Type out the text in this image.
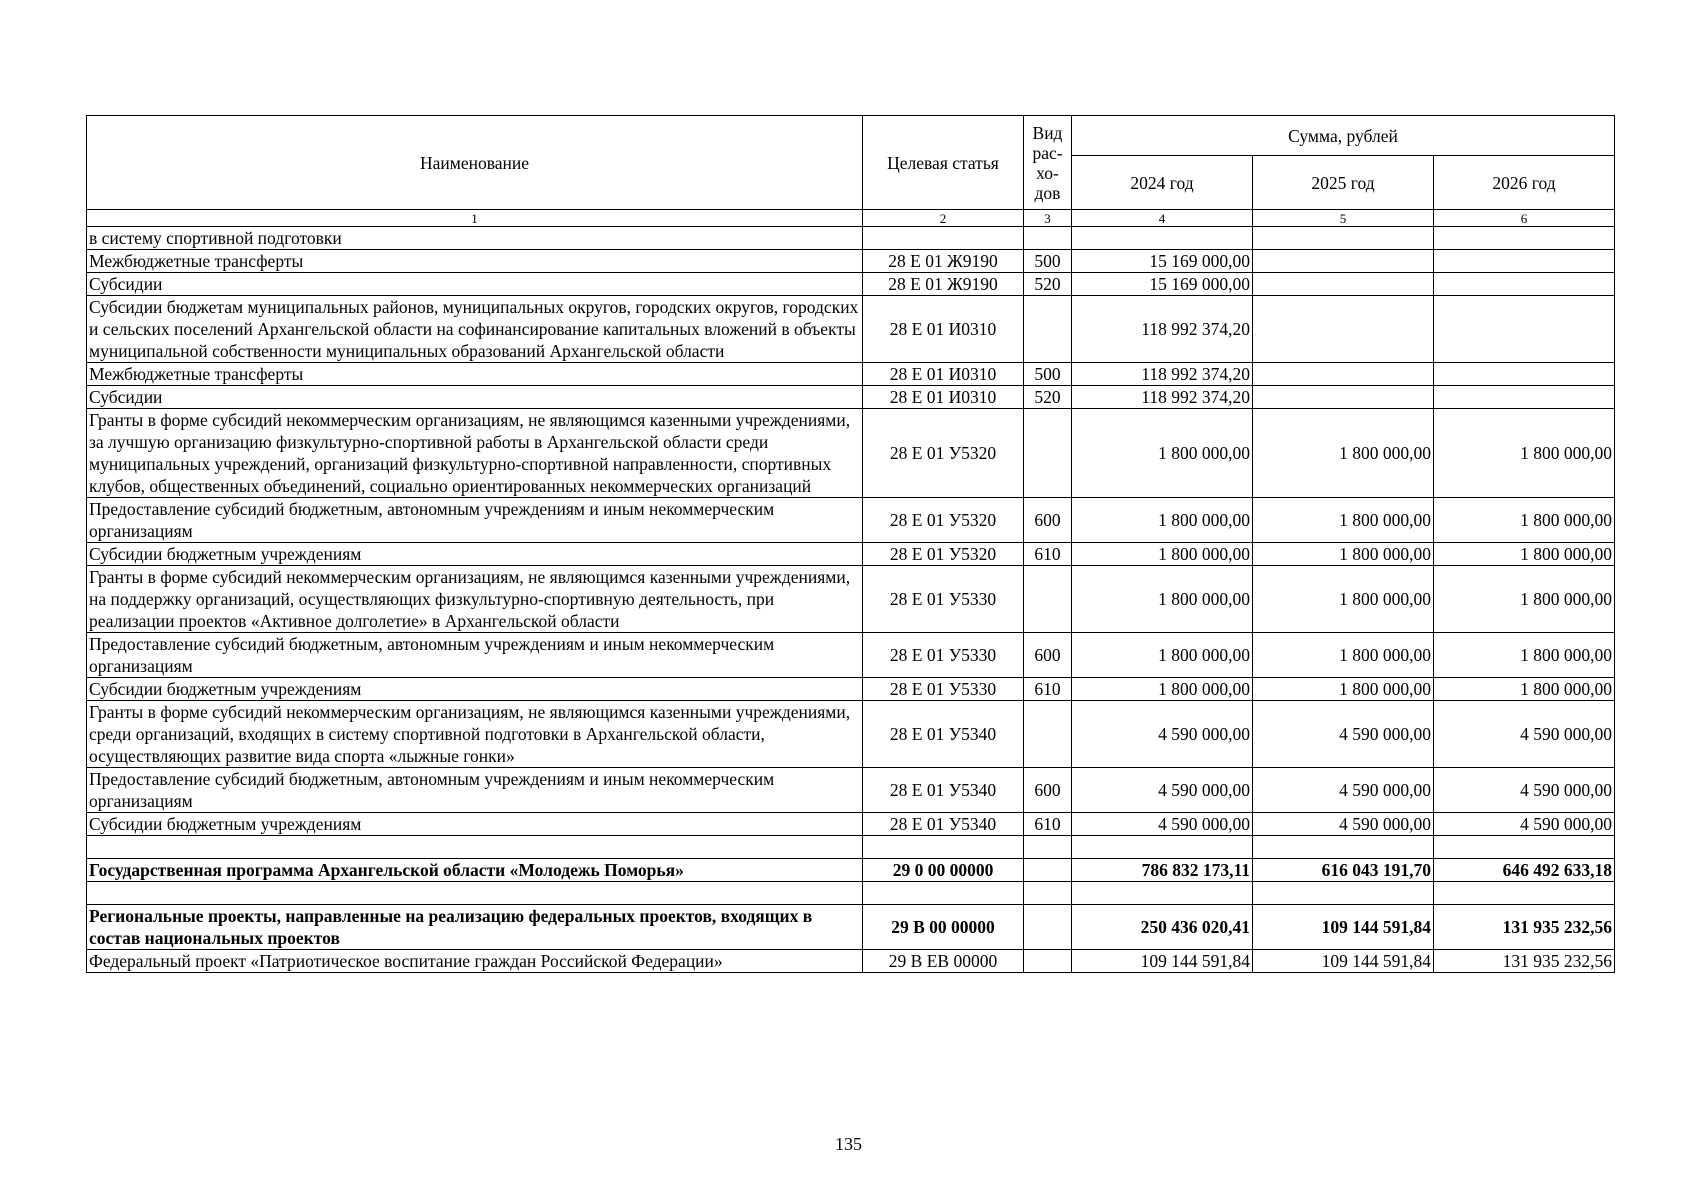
Наименование	Целевая статья	Вид рас-хо-дов	Сумма, рублей		
			2024 год	2025 год	2026 год
1	2	3	4	5	6
в систему спортивной подготовки					
Межбюджетные трансферты	28 Е 01 Ж9190	500	15 169 000,00		
Субсидии	28 Е 01 Ж9190	520	15 169 000,00		
Субсидии бюджетам муниципальных районов, муниципальных округов, городских округов, городских и сельских поселений Архангельской области на софинансирование капитальных вложений в объекты муниципальной собственности муниципальных образований Архангельской области	28 Е 01 И0310		118 992 374,20		
Межбюджетные трансферты	28 Е 01 И0310	500	118 992 374,20		
Субсидии	28 Е 01 И0310	520	118 992 374,20		
Гранты в форме субсидий некоммерческим организациям, не являющимся казенными учреждениями, за лучшую организацию физкультурно-спортивной работы в Архангельской области среди муниципальных учреждений, организаций физкультурно-спортивной направленности, спортивных клубов, общественных объединений, социально ориентированных некоммерческих организаций	28 Е 01 У5320		1 800 000,00	1 800 000,00	1 800 000,00
Предоставление субсидий бюджетным, автономным учреждениям и иным некоммерческим организациям	28 Е 01 У5320	600	1 800 000,00	1 800 000,00	1 800 000,00
Субсидии бюджетным учреждениям	28 Е 01 У5320	610	1 800 000,00	1 800 000,00	1 800 000,00
Гранты в форме субсидий некоммерческим организациям, не являющимся казенными учреждениями, на поддержку организаций, осуществляющих физкультурно-спортивную деятельность, при реализации проектов «Активное долголетие» в Архангельской области	28 Е 01 У5330		1 800 000,00	1 800 000,00	1 800 000,00
Предоставление субсидий бюджетным, автономным учреждениям и иным некоммерческим организациям	28 Е 01 У5330	600	1 800 000,00	1 800 000,00	1 800 000,00
Субсидии бюджетным учреждениям	28 Е 01 У5330	610	1 800 000,00	1 800 000,00	1 800 000,00
Гранты в форме субсидий некоммерческим организациям, не являющимся казенными учреждениями, среди организаций, входящих в систему спортивной подготовки в Архангельской области, осуществляющих развитие вида спорта «лыжные гонки»	28 Е 01 У5340		4 590 000,00	4 590 000,00	4 590 000,00
Предоставление субсидий бюджетным, автономным учреждениям и иным некоммерческим организациям	28 Е 01 У5340	600	4 590 000,00	4 590 000,00	4 590 000,00
Субсидии бюджетным учреждениям	28 Е 01 У5340	610	4 590 000,00	4 590 000,00	4 590 000,00

Государственная программа Архангельской области «Молодежь Поморья»	29 0 00 00000		786 832 173,11	616 043 191,70	646 492 633,18

Региональные проекты, направленные на реализацию федеральных проектов, входящих в состав национальных проектов	29 В 00 00000		250 436 020,41	109 144 591,84	131 935 232,56
Федеральный проект «Патриотическое воспитание граждан Российской Федерации»	29 В ЕВ 00000		109 144 591,84	109 144 591,84	131 935 232,56
135
